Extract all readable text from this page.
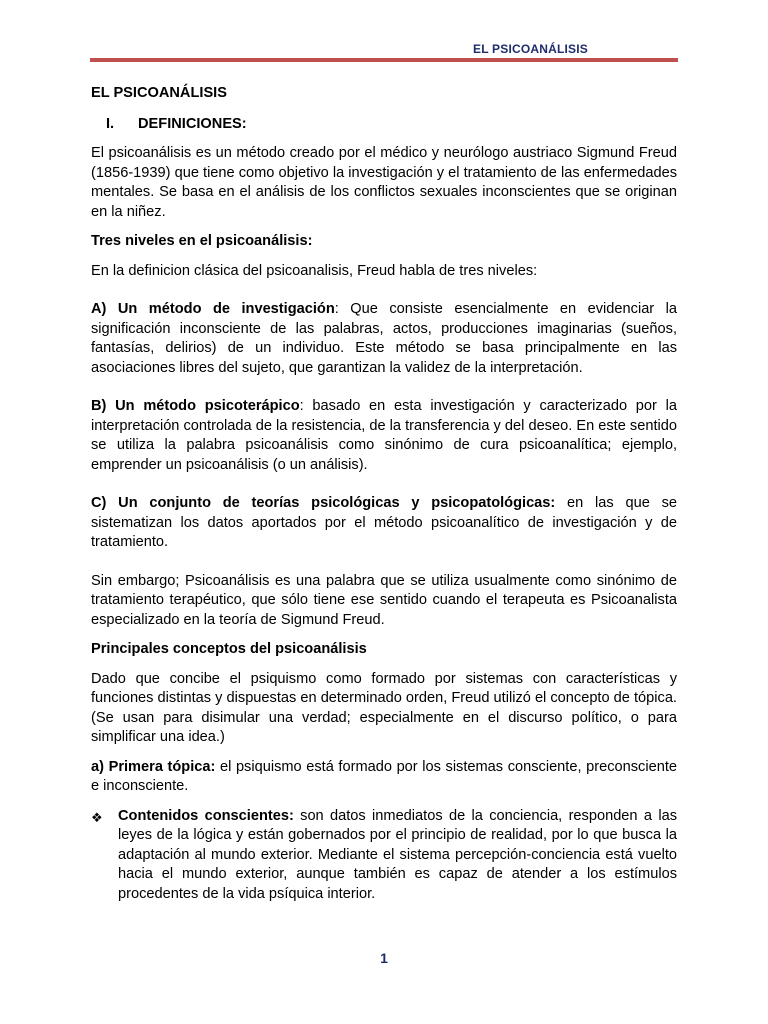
EL PSICOANÁLISIS

EL PSICOANÁLISIS

I. DEFINICIONES:

El psicoanálisis es un método creado por el médico y neurólogo austriaco Sigmund Freud (1856-1939) que tiene como objetivo la investigación y el tratamiento de las enfermedades mentales. Se basa en el análisis de los conflictos sexuales inconscientes que se originan en la niñez.

Tres niveles en el psicoanálisis:

En la definicion clásica del psicoanalisis, Freud habla de tres niveles:

A) Un método de investigación: Que consiste esencialmente en evidenciar la significación inconsciente de las palabras, actos, producciones imaginarias (sueños, fantasías, delirios) de un individuo. Este método se basa principalmente en las asociaciones libres del sujeto, que garantizan la validez de la interpretación.

B) Un método psicoterápico: basado en esta investigación y caracterizado por la interpretación controlada de la resistencia, de la transferencia y del deseo. En este sentido se utiliza la palabra psicoanálisis como sinónimo de cura psicoanalítica; ejemplo, emprender un psicoanálisis (o un análisis).

C) Un conjunto de teorías psicológicas y psicopatológicas: en las que se sistematizan los datos aportados por el método psicoanalítico de investigación y de tratamiento.

Sin embargo; Psicoanálisis es una palabra que se utiliza usualmente como sinónimo de tratamiento terapéutico, que sólo tiene ese sentido cuando el terapeuta es Psicoanalista especializado en la teoría de Sigmund Freud.

Principales conceptos del psicoanálisis

Dado que concibe el psiquismo como formado por sistemas con características y funciones distintas y dispuestas en determinado orden, Freud utilizó el concepto de tópica. (Se usan para disimular una verdad; especialmente en el discurso político, o para simplificar una idea.)

a) Primera tópica: el psiquismo está formado por los sistemas consciente, preconsciente e inconsciente.

❖ Contenidos conscientes: son datos inmediatos de la conciencia, responden a las leyes de la lógica y están gobernados por el principio de realidad, por lo que busca la adaptación al mundo exterior. Mediante el sistema percepción-conciencia está vuelto hacia el mundo exterior, aunque también es capaz de atender a los estímulos procedentes de la vida psíquica interior.
1
